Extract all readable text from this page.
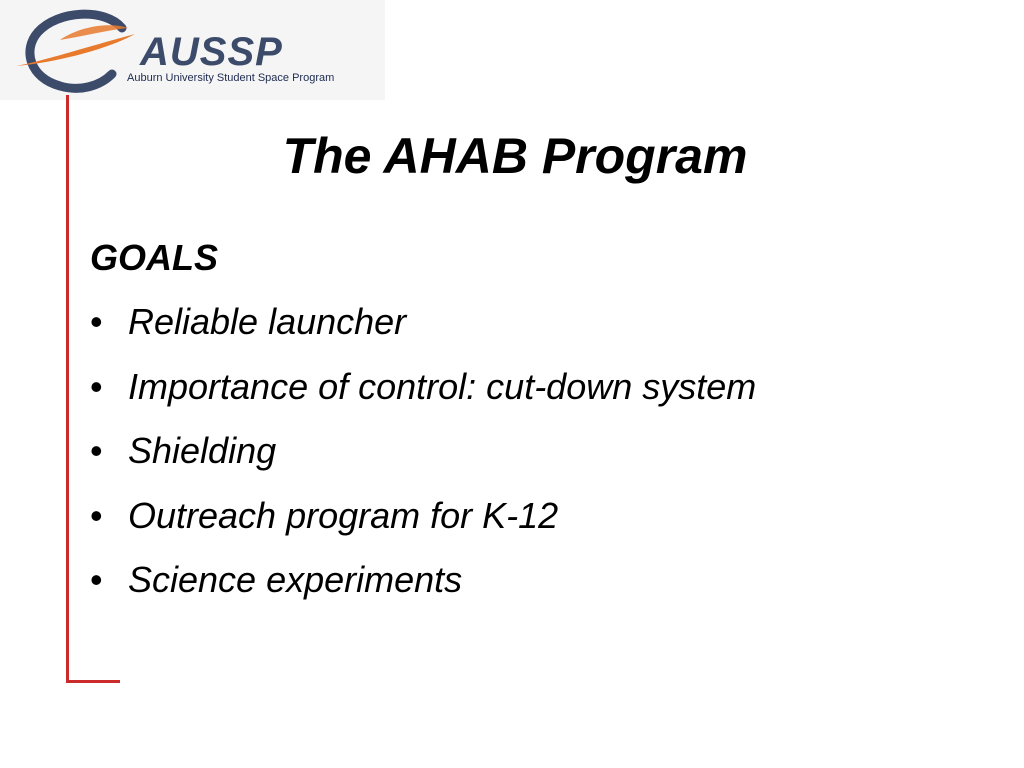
AUSSP
Auburn University Student Space Program
The AHAB Program
GOALS
• Reliable launcher
• Importance of control: cut-down system
• Shielding
• Outreach program for K-12
• Science experiments
